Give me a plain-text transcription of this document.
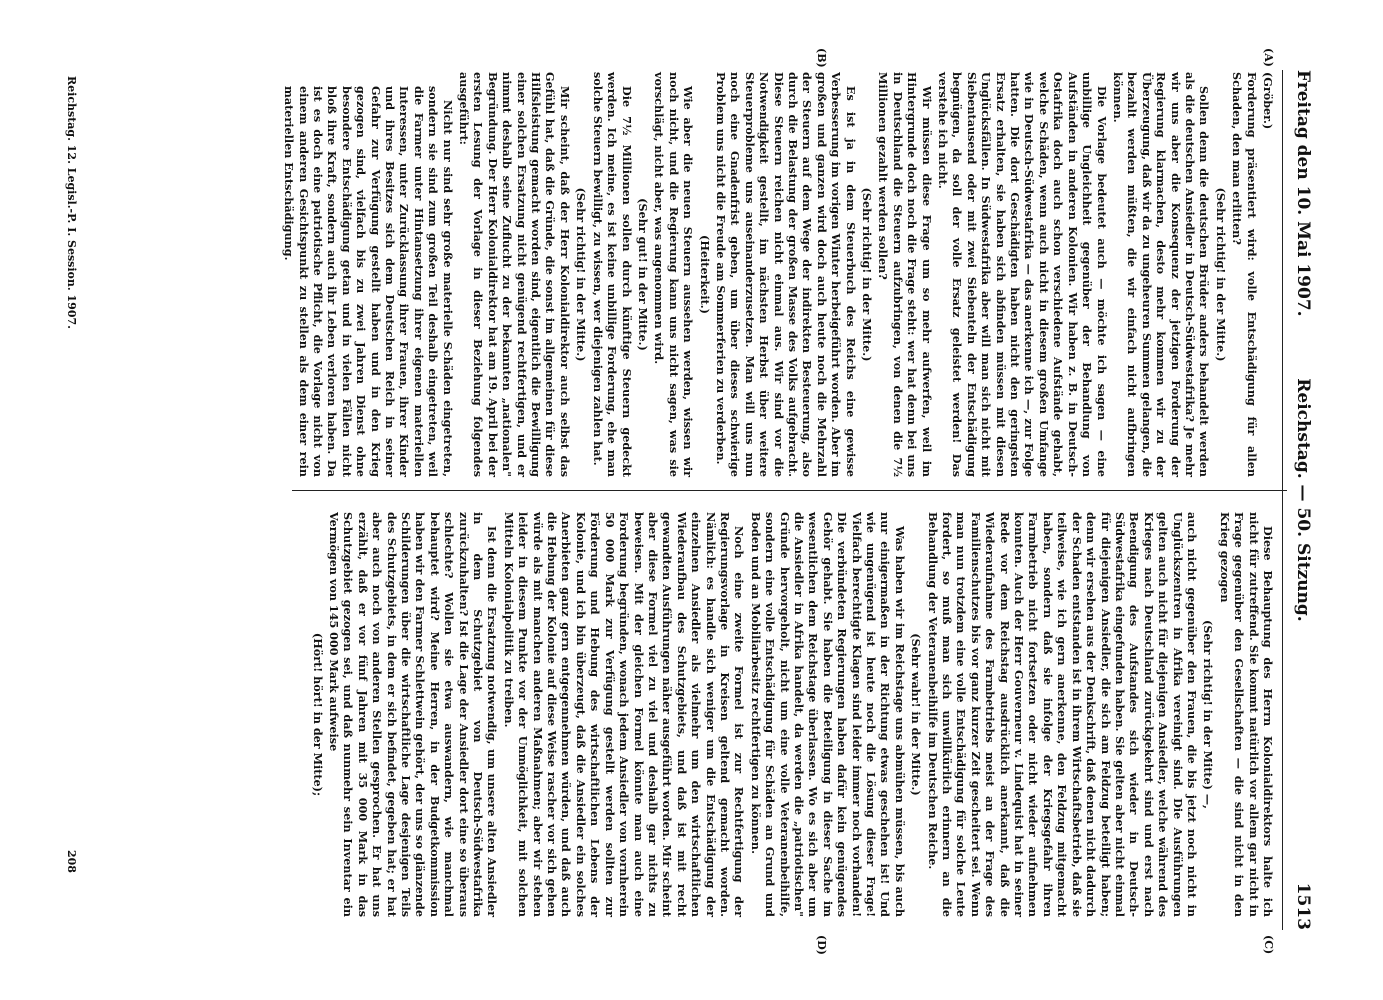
Freitag den 10. Mai 1907.
Reichstag. — 50. Sitzung.
1513
(A)
(B)
(C)
(D)

(Gröber.)

Forderung präsentiert wird: volle Entschädigung für allen Schaden, den man erlitten?

(Sehr richtig! in der Mitte.)

Sollen denn die deutschen Brüder anders behandelt werden als die deutschen Ansiedler in Deutsch-Südwestafrika? Je mehr wir uns aber die Konsequenz der jetzigen Forderung der Regierung klarmachen, desto mehr kommen wir zu der Überzeugung, daß wir da zu ungeheuren Summen gelangen, die bezahlt werden müßten, die wir einfach nicht aufbringen können.

Die Vorlage bedeutet auch — möchte ich sagen — eine unbillige Ungleichheit gegenüber der Behandlung von Aufständen in anderen Kolonien. Wir haben z. B. in Deutsch-Ostafrika doch auch schon verschiedene Aufstände gehabt, welche Schäden, wenn auch nicht in diesem großen Umfange wie in Deutsch-Südwestafrika — das anerkenne ich —, zur Folge hatten. Die dort Geschädigten haben nicht den geringsten Ersatz erhalten, sie haben sich abfinden müssen mit diesen Unglücksfällen. In Südwestafrika aber will man sich nicht mit Siebentausend oder mit zwei Siebenteln der Entschädigung begnügen, da soll der volle Ersatz geleistet werden! Das verstehe ich nicht.

Wir müssen diese Frage um so mehr aufwerfen, weil im Hintergrunde doch noch die Frage steht: wer hat denn bei uns in Deutschland die Steuern aufzubringen, von denen die 7½ Millionen gezahlt werden sollen?

(Sehr richtig! in der Mitte.)

Es ist ja in dem Steuerbuch des Reichs eine gewisse Verbesserung im vorigen Winter herbeigeführt worden. Aber im großen und ganzen wird doch auch heute noch die Mehrzahl der Steuern auf dem Wege der indirekten Besteuerung, also durch die Belastung der großen Masse des Volks aufgebracht. Diese Steuern reichen nicht einmal aus. Wir sind vor die Notwendigkeit gestellt, im nächsten Herbst über weitere Steuerprobleme uns auseinanderzusetzen. Man will uns nun noch eine Gnadenfrist geben, um über dieses schwierige Problem uns nicht die Freude am Sommerferien zu verderben.

(Heiterkeit.)

Wie aber die neuen Steuern aussehen werden, wissen wir noch nicht, und die Regierung kann uns nicht sagen, was sie vorschlägt, nicht aber, was angenommen wird.

(Sehr gut! in der Mitte.)

Die 7½ Millionen sollen durch künftige Steuern gedeckt werden. Ich meine, es ist keine unbillige Forderung, ehe man solche Steuern bewilligt, zu wissen, wer diejenigen zahlen hat.

(Sehr richtig! in der Mitte.)

Mir scheint, daß der Herr Kolonialdirektor auch selbst das Gefühl hat, daß die Gründe, die sonst im allgemeinen für diese Hilfsleistung gemacht worden sind, eigentlich die Bewilligung einer solchen Ersatzung nicht genügend rechtfertigen, und er nimmt deshalb seine Zuflucht zu der bekannten „nationalen" Begründung. Der Herr Kolonialdirektor hat am 19. April bei der ersten Lesung der Vorlage in dieser Beziehung folgendes ausgeführt:

Nicht nur sind sehr große materielle Schäden eingetreten, sondern sie sind zum großen Teil deshalb eingetreten, weil die Farmer unter Hintansetzung ihrer eigenen materiellen Interessen, unter Zurücklassung ihrer Frauen, ihrer Kinder und ihres Besitzes sich dem Deutschen Reich in seiner Gefahr zur Verfügung gestellt haben und in den Krieg gezogen sind, vielfach bis zu zwei Jahren Dienst ohne besondere Entschädigung getan und in vielen Fällen nicht bloß ihre Kraft, sondern auch ihr Leben verloren haben. Da ist es doch eine patriotische Pflicht, die Vorlage nicht von einem anderen Gesichtspunkt zu stellen als dem einer rein materiellen Entschädigung.

Diese Behauptung des Herrn Kolonialdirektors halte ich nicht für zutreffend. Sie kommt natürlich vor allem gar nicht in Frage gegenüber den Gesellschaften — die sind nicht in den Krieg gezogen

(Sehr richtig! in der Mitte) —,

auch nicht gegenüber den Frauen, die bis jetzt noch nicht in Unglückszentren in Afrika vereinigt sind. Die Ausführungen gelten auch nicht für diejenigen Ansiedler, welche während des Krieges nach Deutschland zurückgekehrt sind und erst nach Beendigung des Aufstandes sich wieder in Deutsch-Südwestafrika eingefunden haben. Sie gelten aber nicht einmal für diejenigen Ansiedler, die sich am Feldzug beteiligt haben; denn wir ersehen aus der Denkschrift, daß denen nicht dadurch der Schaden entstanden ist in ihrem Wirtschaftsbetrieb, daß sie teilweise, wie ich gern anerkenne, den Feldzug mitgemacht haben, sondern daß sie infolge der Kriegsgefahr ihren Farmbetrieb nicht fortsetzen oder nicht wieder aufnehmen konnten. Auch der Herr Gouverneur v. Lindequist hat in seiner Rede vor dem Reichstag ausdrücklich anerkannt, daß die Wiederaufnahme des Farmbetriebs meist an der Frage des Familienschutzes bis vor ganz kurzer Zeit gescheitert sei. Wenn man nun trotzdem eine volle Entschädigung für solche Leute fordert, so muß man sich unwillkürlich erinnern an die Behandlung der Veteranenbeihilfe im Deutschen Reiche.

(Sehr wahr! in der Mitte.)

Was haben wir im Reichstage uns abmühen müssen, bis auch nur einigermaßen in der Richtung etwas geschehen ist! Und wie ungenügend ist heute noch die Lösung dieser Frage! Vielfach berechtigte Klagen sind leider immer noch vorhanden! Die verbündeten Regierungen haben dafür kein genügendes Gehör gehabt. Sie haben die Beteiligung in dieser Sache im wesentlichen dem Reichstage überlassen. Wo es sich aber um die Ansiedler in Afrika handelt, da werden die „patriotischen" Gründe hervorgeholt, nicht um eine volle Veteranenbeihilfe, sondern eine volle Entschädigung für Schäden an Grund und Boden und an Mobiliarbesitz rechtfertigen zu können.

Noch eine zweite Formel ist zur Rechtfertigung der Regierungsvorlage in Kreisen geltend gemacht worden. Nämlich: es handle sich weniger um die Entschädigung der einzelnen Ansiedler als vielmehr um den wirtschaftlichen Wiederaufbau des Schutzgebiets, und daß ist mit recht gewandten Ausführungen näher ausgeführt worden. Mir scheint aber diese Formel viel zu viel und deshalb gar nichts zu beweisen. Mit der gleichen Formel könnte man auch eine Forderung begründen, wonach jedem Ansiedler von vornherein 50 000 Mark zur Verfügung gestellt werden sollten zur Förderung und Hebung des wirtschaftlichen Lebens der Kolonie, und ich bin überzeugt, daß die Ansiedler ein solches Anerbieten ganz gern entgegennehmen würden, und daß auch die Hebung der Kolonie auf diese Weise rascher vor sich gehen würde als mit manchen anderen Maßnahmen; aber wir stehen leider in diesem Punkte vor der Unmöglichkeit, mit solchen Mitteln Kolonialpolitik zu treiben.

Ist denn die Ersatzung notwendig, um unsere alten Ansiedler in dem Schutzgebiet von Deutsch-Südwestafrika zurückzuhalten? Ist die Lage der Ansiedler dort eine so überaus schlechte? Wollen sie etwa auswandern, wie manchmal behauptet wird? Meine Herren, in der Budgetkommission haben wir den Farmer Schlettwein gehört, der uns so glänzende Schilderungen über die wirtschaftliche Lage desjenigen Teils des Schutzgebiets, in dem er sich befindet, gegeben hat; er hat aber auch noch von anderen Stellen gesprochen. Er hat uns erzählt, daß er vor fünf Jahren mit 35 000 Mark in das Schutzgebiet gezogen sei, und daß nunmehr sein Inventar ein Vermögen von 145 000 Mark aufweise

(Hört! hört! in der Mitte);
Reichstag. 12. Legisl.-P. I. Session. 1907.
208
